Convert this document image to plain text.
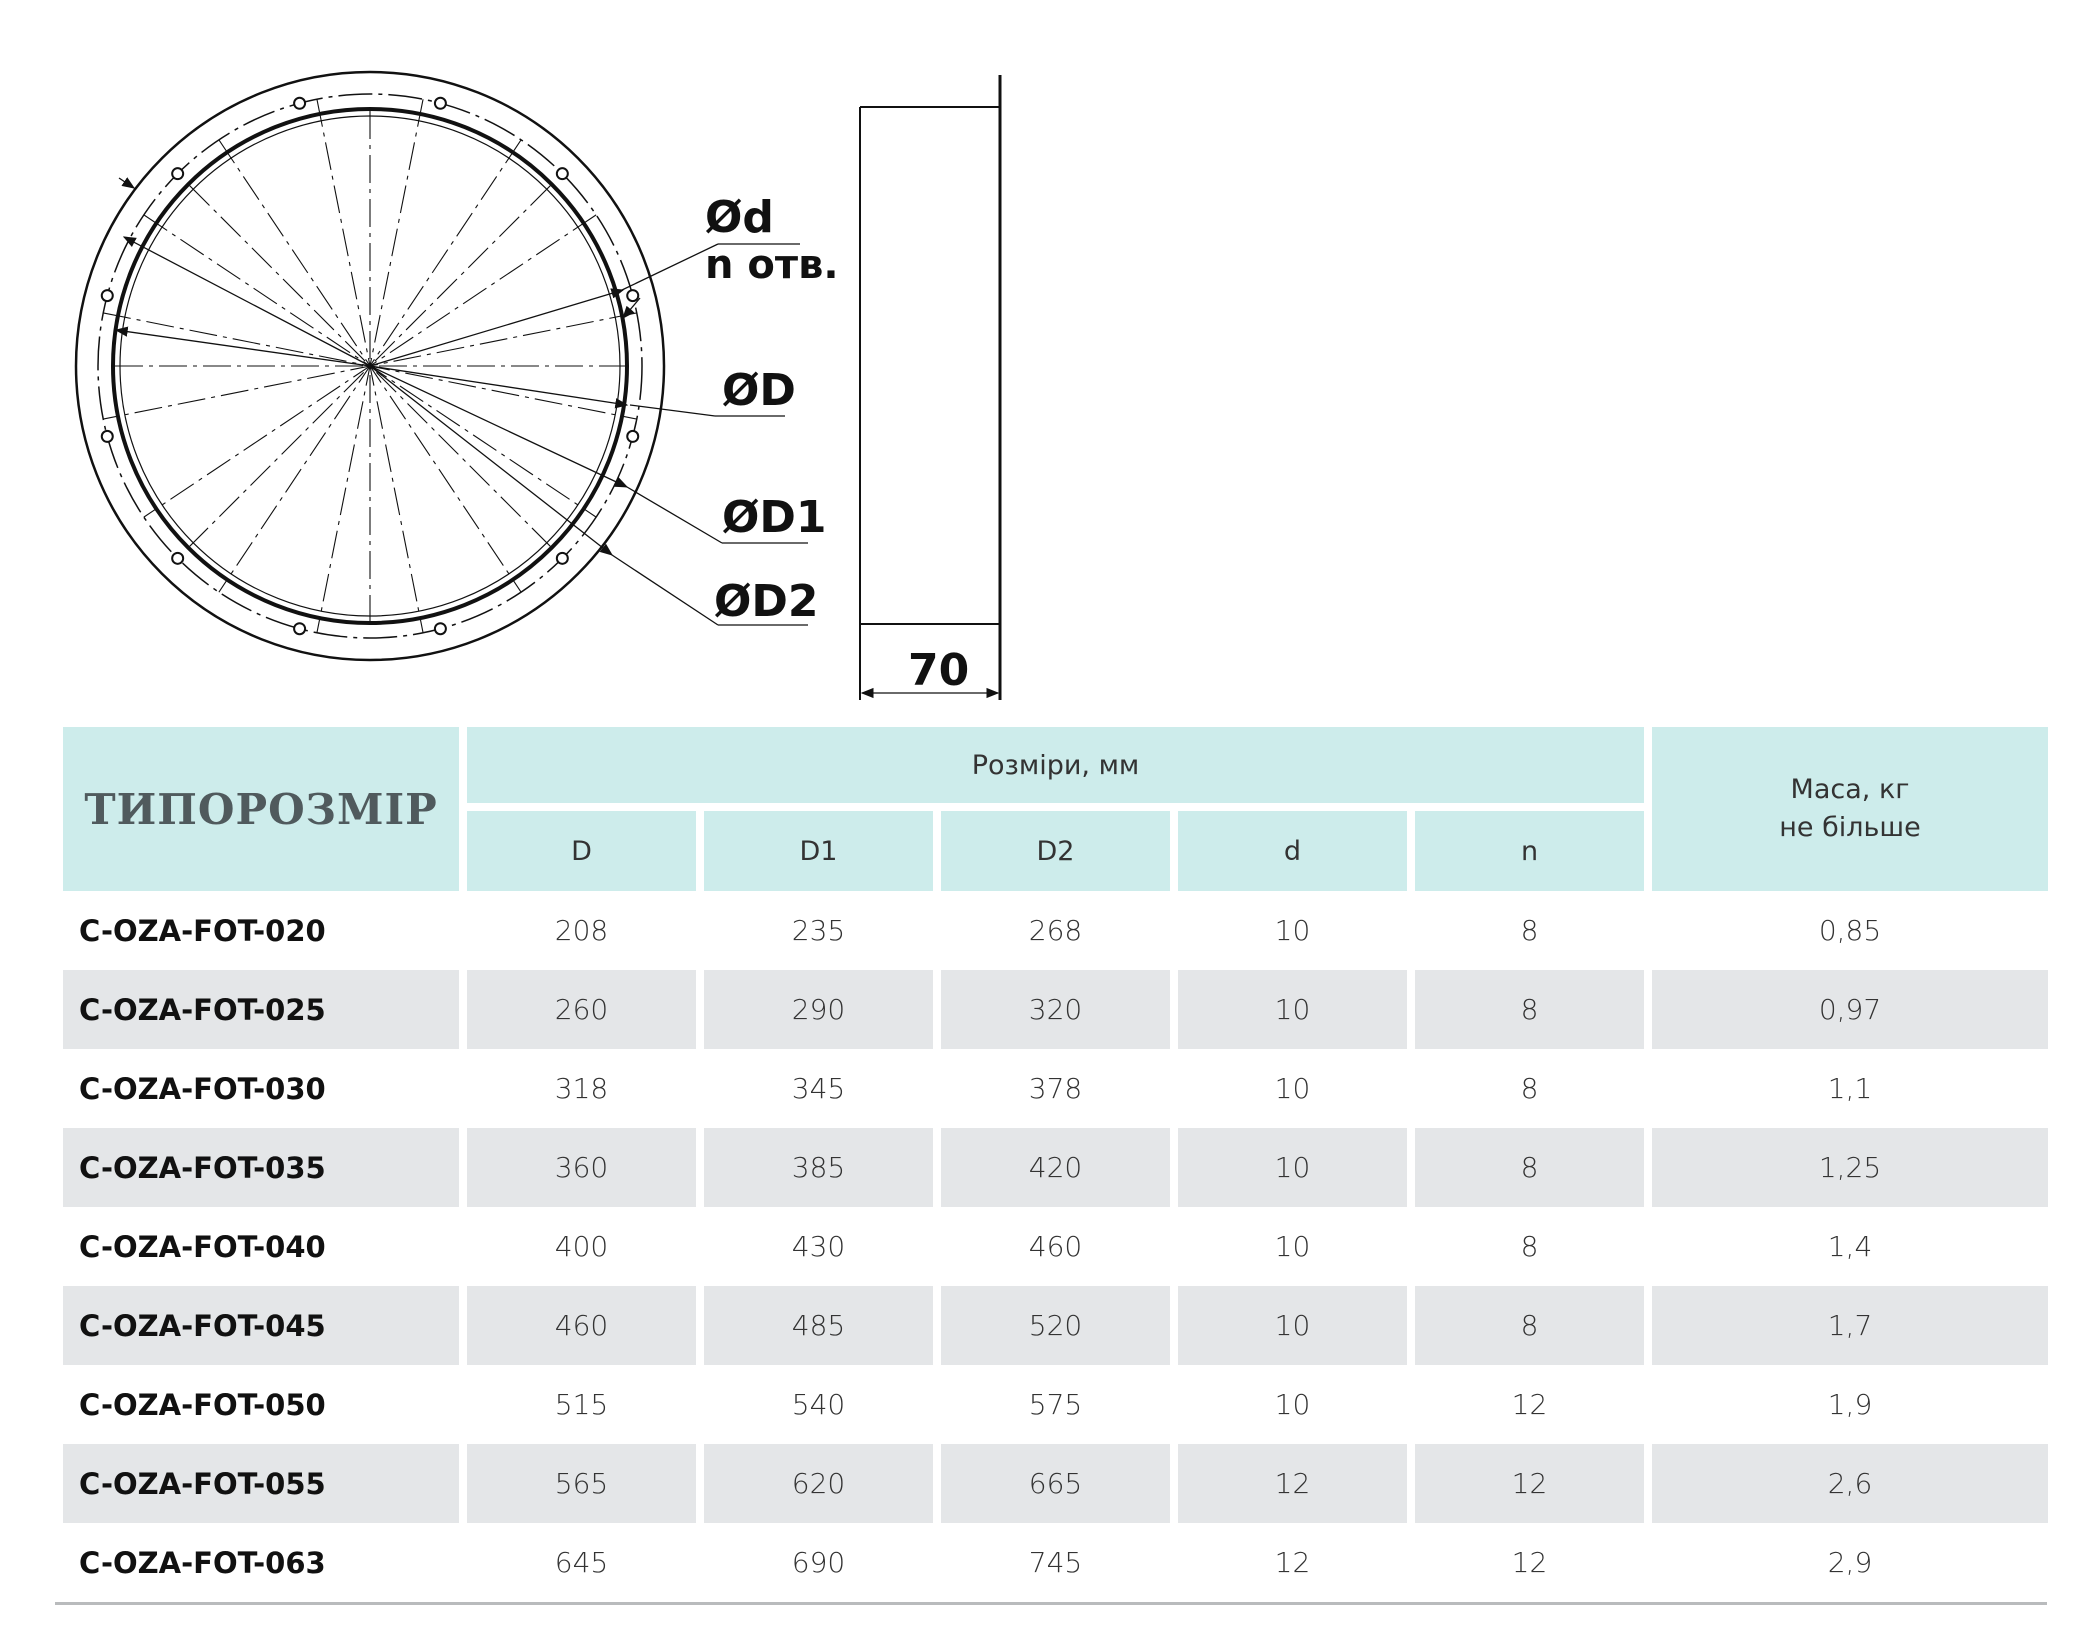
Ød
n отв.
ØD
ØD1
ØD2
70
ТИПОРОЗМІР	Розміри, мм					Маса, кг
не більше
	D	D1	D2	d	n	
C-OZA-FOT-020	208	235	268	10	8	0,85
C-OZA-FOT-025	260	290	320	10	8	0,97
C-OZA-FOT-030	318	345	378	10	8	1,1
C-OZA-FOT-035	360	385	420	10	8	1,25
C-OZA-FOT-040	400	430	460	10	8	1,4
C-OZA-FOT-045	460	485	520	10	8	1,7
C-OZA-FOT-050	515	540	575	10	12	1,9
C-OZA-FOT-055	565	620	665	12	12	2,6
C-OZA-FOT-063	645	690	745	12	12	2,9
